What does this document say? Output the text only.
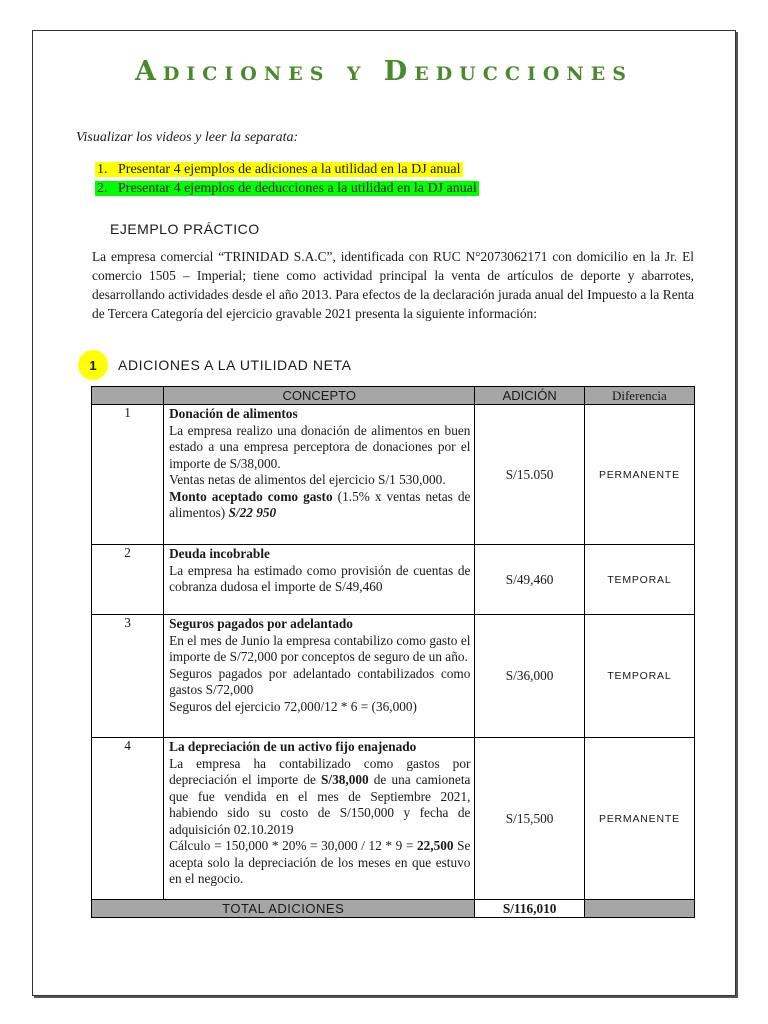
Adiciones y Deducciones
Visualizar los videos y leer la separata:
1. Presentar 4 ejemplos de adiciones a la utilidad en la DJ anual
2. Presentar 4 ejemplos de deducciones a la utilidad en la DJ anual
EJEMPLO PRÁCTICO
La empresa comercial “TRINIDAD S.A.C”, identificada con RUC N°2073062171 con domicilio en la Jr. El comercio 1505 – Imperial; tiene como actividad principal la venta de artículos de deporte y abarrotes, desarrollando actividades desde el año 2013. Para efectos de la declaración jurada anual del Impuesto a la Renta de Tercera Categoría del ejercicio gravable 2021 presenta la siguiente información:
1	ADICIONES A LA UTILIDAD NETA
	CONCEPTO	ADICIÓN	Diferencia

1	Donación de alimentos
La empresa realizo una donación de alimentos en buen estado a una empresa perceptora de donaciones por el importe de S/38,000.
Ventas netas de alimentos del ejercicio S/1 530,000.
Monto aceptado como gasto (1.5% x ventas netas de alimentos) S/22 950	S/15.050	PERMANENTE

2	Deuda incobrable
La empresa ha estimado como provisión de cuentas de cobranza dudosa el importe de S/49,460	S/49,460	TEMPORAL

3	Seguros pagados por adelantado
En el mes de Junio la empresa contabilizo como gasto el importe de S/72,000 por conceptos de seguro de un año.
Seguros pagados por adelantado contabilizados como gastos S/72,000
Seguros del ejercicio 72,000/12 * 6 = (36,000)	S/36,000	TEMPORAL

4	La depreciación de un activo fijo enajenado
La empresa ha contabilizado como gastos por depreciación el importe de S/38,000 de una camioneta que fue vendida en el mes de Septiembre 2021, habiendo sido su costo de S/150,000 y fecha de adquisición 02.10.2019
Cálculo = 150,000 * 20% = 30,000 / 12 * 9 = 22,500 Se acepta solo la depreciación de los meses en que estuvo en el negocio.	S/15,500	PERMANENTE
TOTAL ADICIONES		S/116,010	
